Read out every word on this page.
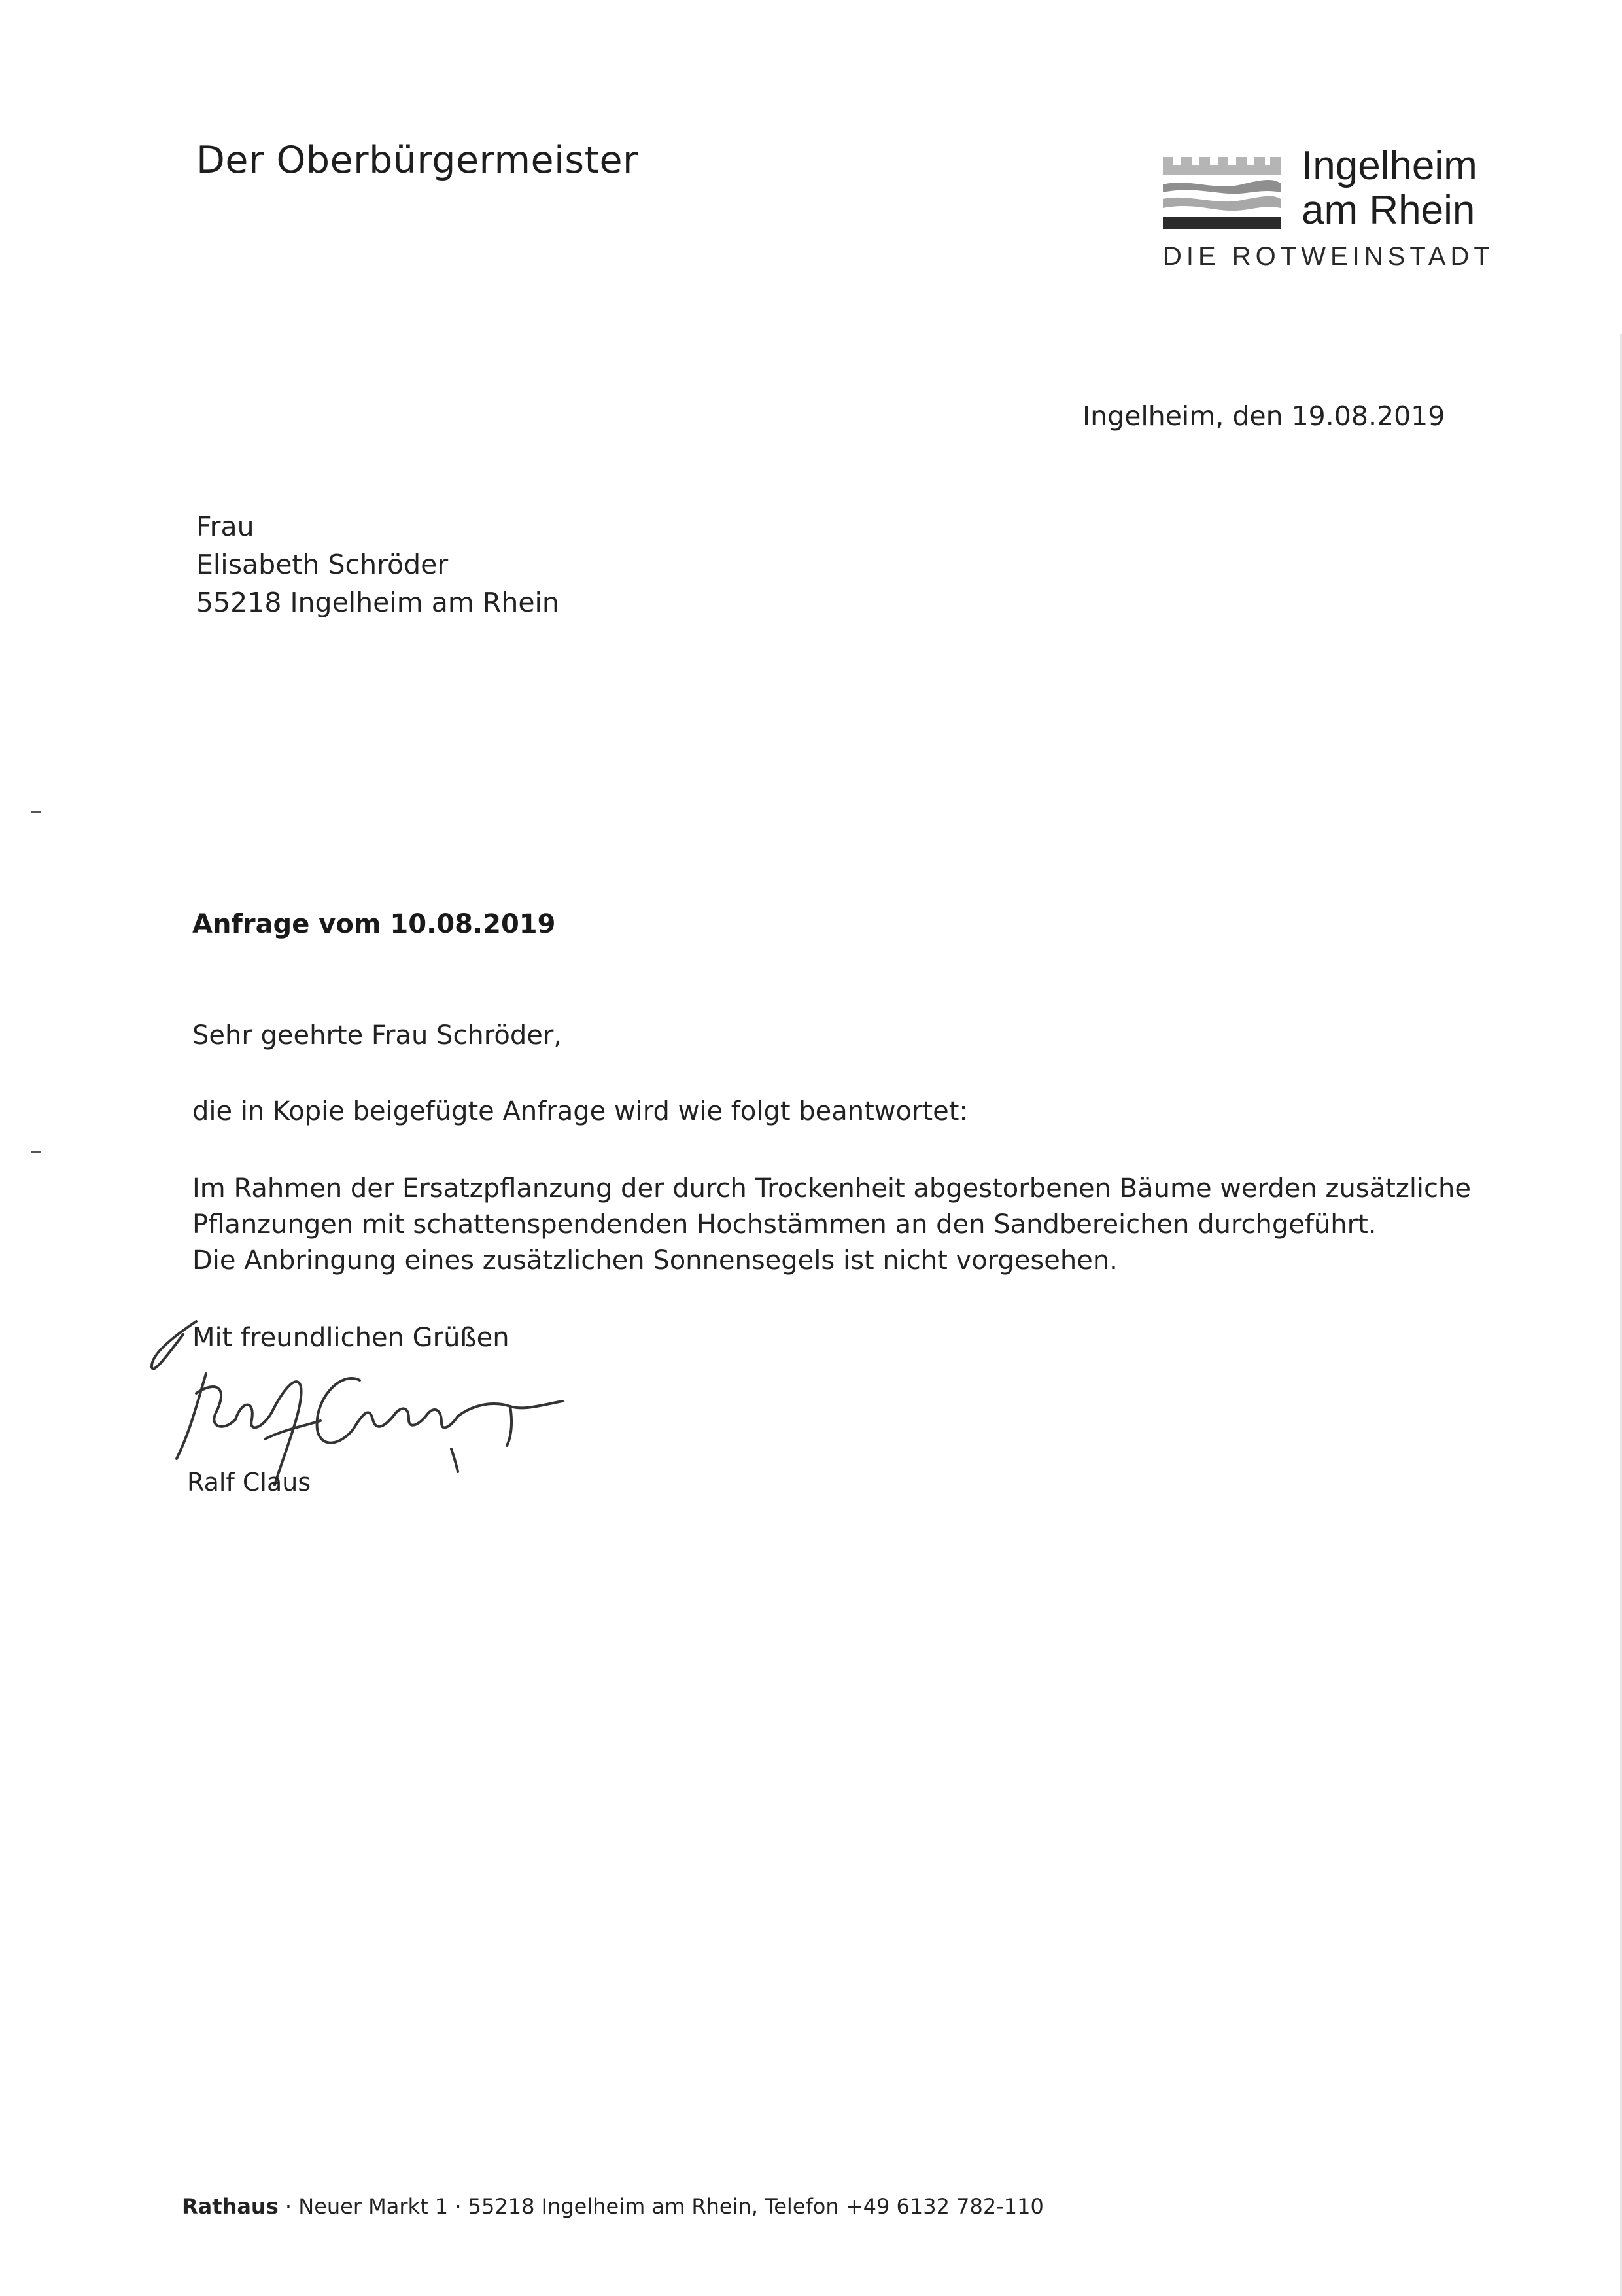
Der Oberbürgermeister	Ingelheim
am Rhein
DIE ROTWEINSTADT
Ingelheim, den 19.08.2019
Frau
Elisabeth Schröder
55218 Ingelheim am Rhein
Anfrage vom 10.08.2019
Sehr geehrte Frau Schröder,
die in Kopie beigefügte Anfrage wird wie folgt beantwortet:
Im Rahmen der Ersatzpflanzung der durch Trockenheit abgestorbenen Bäume werden zusätzliche
Pflanzungen mit schattenspendenden Hochstämmen an den Sandbereichen durchgeführt.
Die Anbringung eines zusätzlichen Sonnensegels ist nicht vorgesehen.
Mit freundlichen Grüßen
Ralf Claus
Rathaus · Neuer Markt 1 · 55218 Ingelheim am Rhein, Telefon +49 6132 782-110
